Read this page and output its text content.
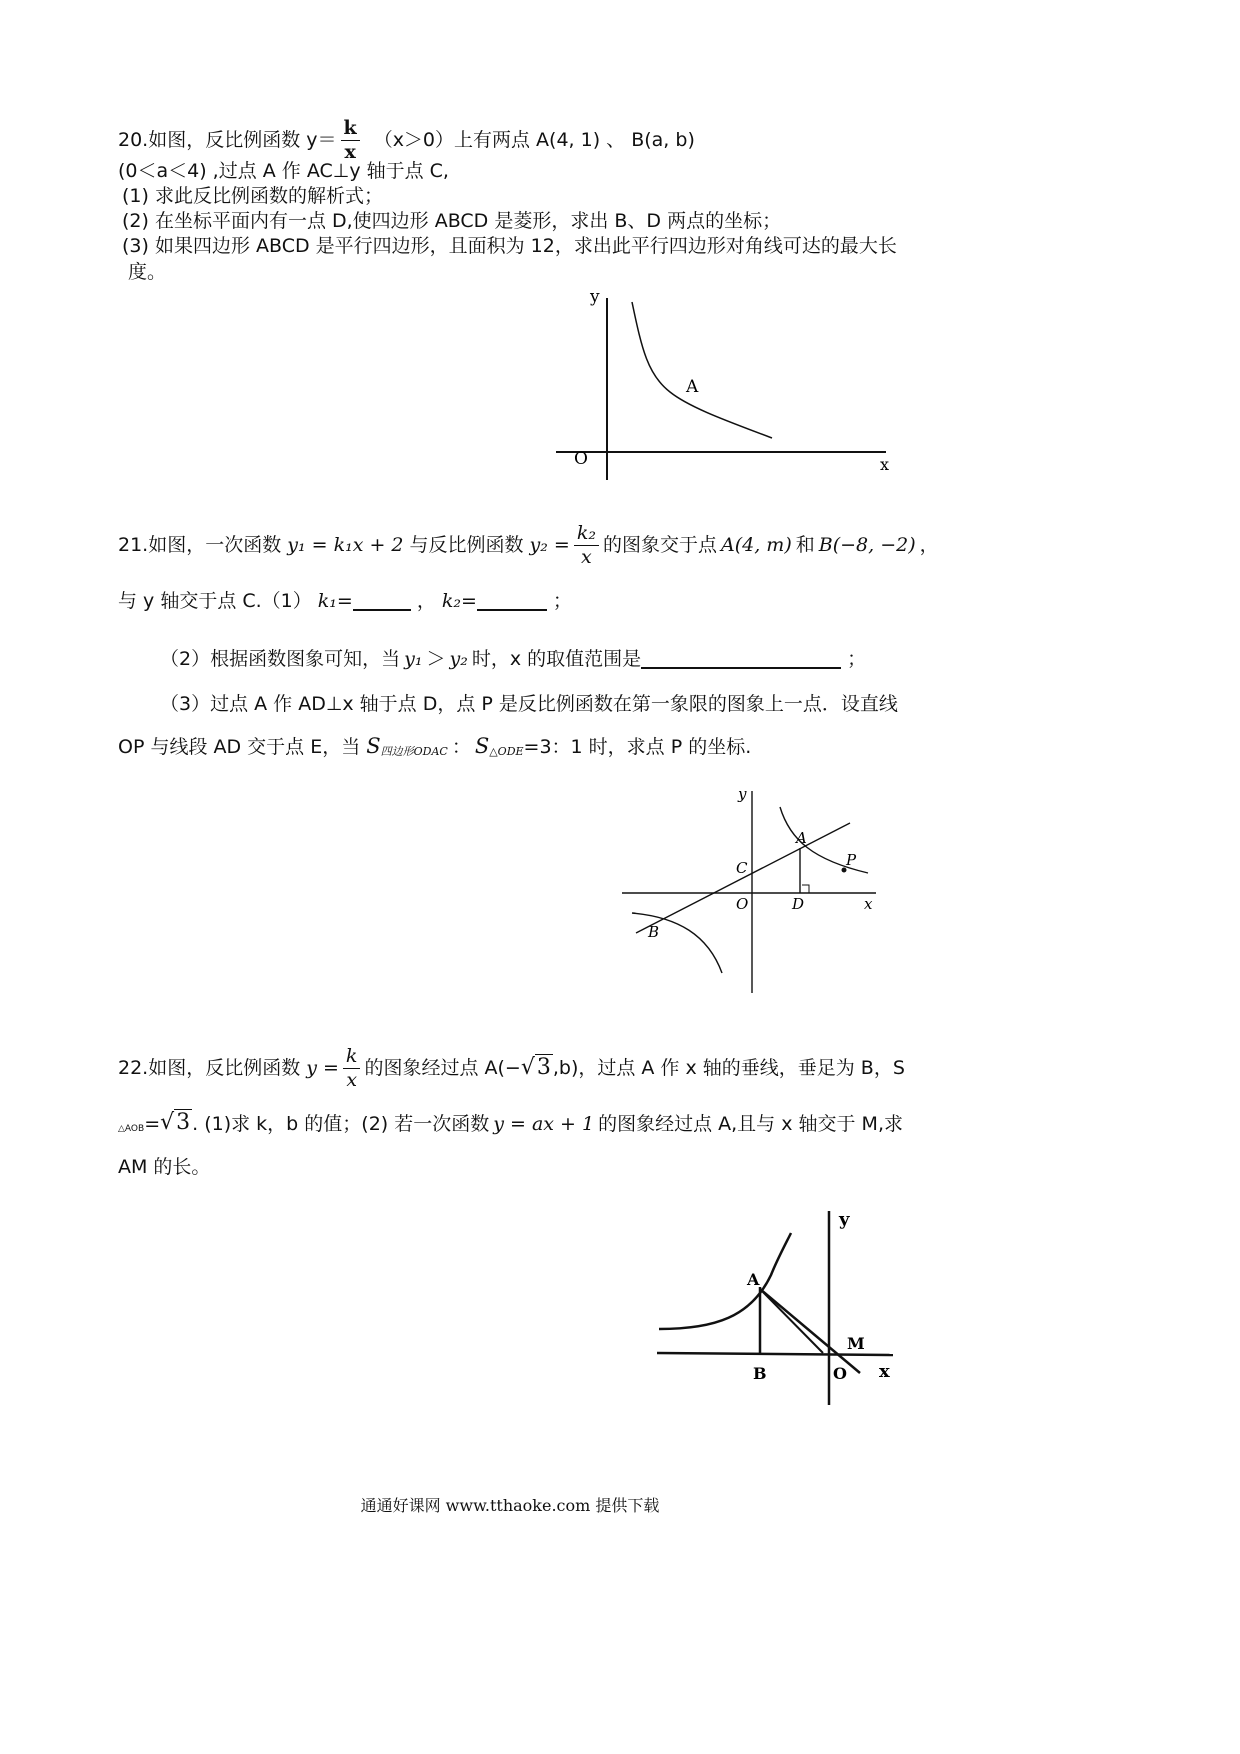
20.如图，反比例函数 $y= \frac{k}{x} (x>0)$上有两点 A(4, 1) 、 B(a, b)
(0＜a＜4) ,过点 A 作 AC⊥y 轴于点 C,
(1) 求此反比例函数的解析式；
(2) 在坐标平面内有一点 D,使四边形 ABCD 是菱形，求出 B、D 两点的坐标；
(3) 如果四边形 ABCD 是平行四边形，且面积为 12，求出此平行四边形对角线可达的最大长
度。
y
x
O
A
21.如图，一次函数 y₁ = k₁x + 2 与反比例函数 $y_2 = \frac{\text{k₂}}{x}$ 的图象交于点 A(4, m) 和 B(−8, −2) ，
与 y 轴交于点 C.（1） k₁ =	， k₂ =	；
（2）根据函数图象可知，当 y₁ ＞ y₂ 时，x 的取值范围是	；
（3）过点 A 作 AD⊥x 轴于点 D，点 P 是反比例函数在第一象限的图象上一点．设直线
OP 与线段 AD 交于点 E，当 $S_{四边形ODAC}$ ： $S_{\triangle ODE} =3$：1 时，求点 P 的坐标.
y
x
O
A
B
C
D
P
22.如图，反比例函数 $y = \frac{k}{x}$ 的图象经过点 A(− √3 ,b)，过点 A 作 x 轴的垂线，垂足为 B，S
△AOB = √3 . (1)求 k，b 的值；(2) 若一次函数 y = ax + 1 的图象经过点 A,且与 x 轴交于 M,求
AM 的长。
y
x
O
A
B
M
通通好课网 www.tthaoke.com 提供下载
